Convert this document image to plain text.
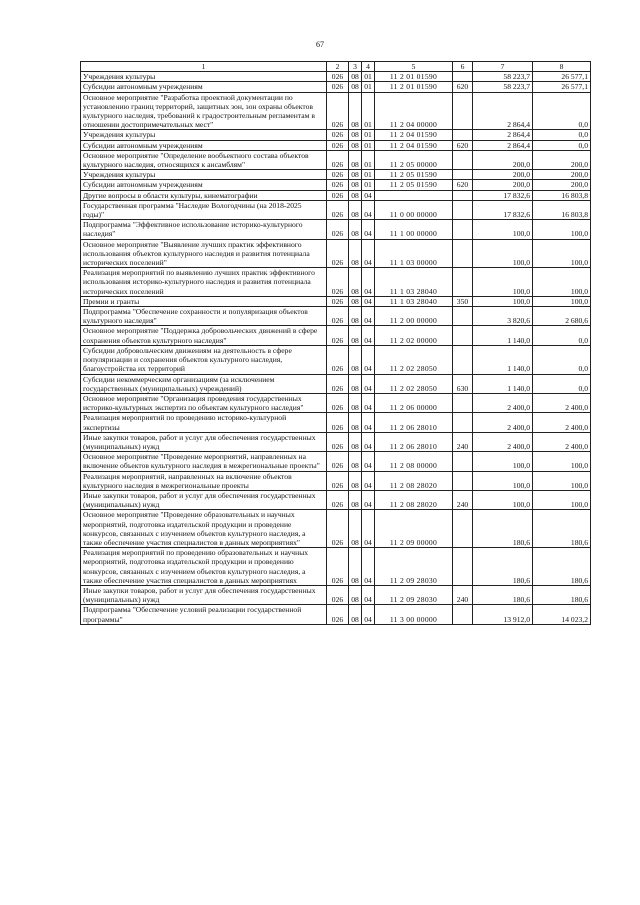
67
1	2	3	4	5	6	7	8
Учреждения культуры	026	08	01	11 2 01 01590		58 223,7	26 577,1
Субсидии автономным учреждениям	026	08	01	11 2 01 01590	620	58 223,7	26 577,1
Основное мероприятие "Разработка проектной документации по установлению границ территорий, защитных зон, зон охраны объектов культурного наследия, требований к градостроительным регламентам в отношении достопримечательных мест"	026	08	01	11 2 04 00000		2 864,4	0,0
Учреждения культуры	026	08	01	11 2 04 01590		2 864,4	0,0
Субсидии автономным учреждениям	026	08	01	11 2 04 01590	620	2 864,4	0,0
Основное мероприятие "Определение вообъектного состава объектов культурного наследия, относящихся к ансамблям"	026	08	01	11 2 05 00000		200,0	200,0
Учреждения культуры	026	08	01	11 2 05 01590		200,0	200,0
Субсидии автономным учреждениям	026	08	01	11 2 05 01590	620	200,0	200,0
Другие вопросы в области культуры, кинематографии	026	08	04			17 832,6	16 803,8
Государственная программа "Наследие Вологодчины (на 2018-2025 годы)"	026	08	04	11 0 00 00000		17 832,6	16 803,8
Подпрограмма "Эффективное использование историко-культурного наследия"	026	08	04	11 1 00 00000		100,0	100,0
Основное мероприятие "Выявление лучших практик эффективного использования объектов культурного наследия и развития потенциала исторических поселений"	026	08	04	11 1 03 00000		100,0	100,0
Реализация мероприятий по выявлению лучших практик эффективного использования историко-культурного наследия и развития потенциала исторических поселений	026	08	04	11 1 03 28040		100,0	100,0
Премии и гранты	026	08	04	11 1 03 28040	350	100,0	100,0
Подпрограмма "Обеспечение сохранности и популяризация объектов культурного наследия"	026	08	04	11 2 00 00000		3 820,6	2 680,6
Основное мероприятие "Поддержка добровольческих движений в сфере сохранения объектов культурного наследия"	026	08	04	11 2 02 00000		1 140,0	0,0
Субсидии добровольческим движениям на деятельность в сфере популяризации и сохранения объектов культурного наследия, благоустройства их территорий	026	08	04	11 2 02 28050		1 140,0	0,0
Субсидии некоммерческим организациям (за исключением государственных (муниципальных) учреждений)	026	08	04	11 2 02 28050	630	1 140,0	0,0
Основное мероприятие "Организация проведения государственных историко-культурных экспертиз по объектам культурного наследия"	026	08	04	11 2 06 00000		2 400,0	2 400,0
Реализация мероприятий по проведению историко-культурной экспертизы	026	08	04	11 2 06 28010		2 400,0	2 400,0
Иные закупки товаров, работ и услуг для обеспечения государственных (муниципальных) нужд	026	08	04	11 2 06 28010	240	2 400,0	2 400,0
Основное мероприятие "Проведение мероприятий, направленных на включение объектов культурного наследия в межрегиональные проекты"	026	08	04	11 2 08 00000		100,0	100,0
Реализация мероприятий, направленных на включение объектов культурного наследия в межрегиональные проекты	026	08	04	11 2 08 28020		100,0	100,0
Иные закупки товаров, работ и услуг для обеспечения государственных (муниципальных) нужд	026	08	04	11 2 08 28020	240	100,0	100,0
Основное мероприятие "Проведение образовательных и научных мероприятий, подготовка издательской продукции и проведение конкурсов, связанных с изучением объектов культурного наследия, а также обеспечение участия специалистов в данных мероприятиях"	026	08	04	11 2 09 00000		180,6	180,6
Реализация мероприятий по проведению образовательных и научных мероприятий, подготовка издательской продукции и проведению конкурсов, связанных с изучением объектов культурного наследия, а также обеспечение участия специалистов в данных мероприятиях	026	08	04	11 2 09 28030		180,6	180,6
Иные закупки товаров, работ и услуг для обеспечения государственных (муниципальных) нужд	026	08	04	11 2 09 28030	240	180,6	180,6
Подпрограмма "Обеспечение условий реализации государственной программы"	026	08	04	11 3 00 00000		13 912,0	14 023,2
